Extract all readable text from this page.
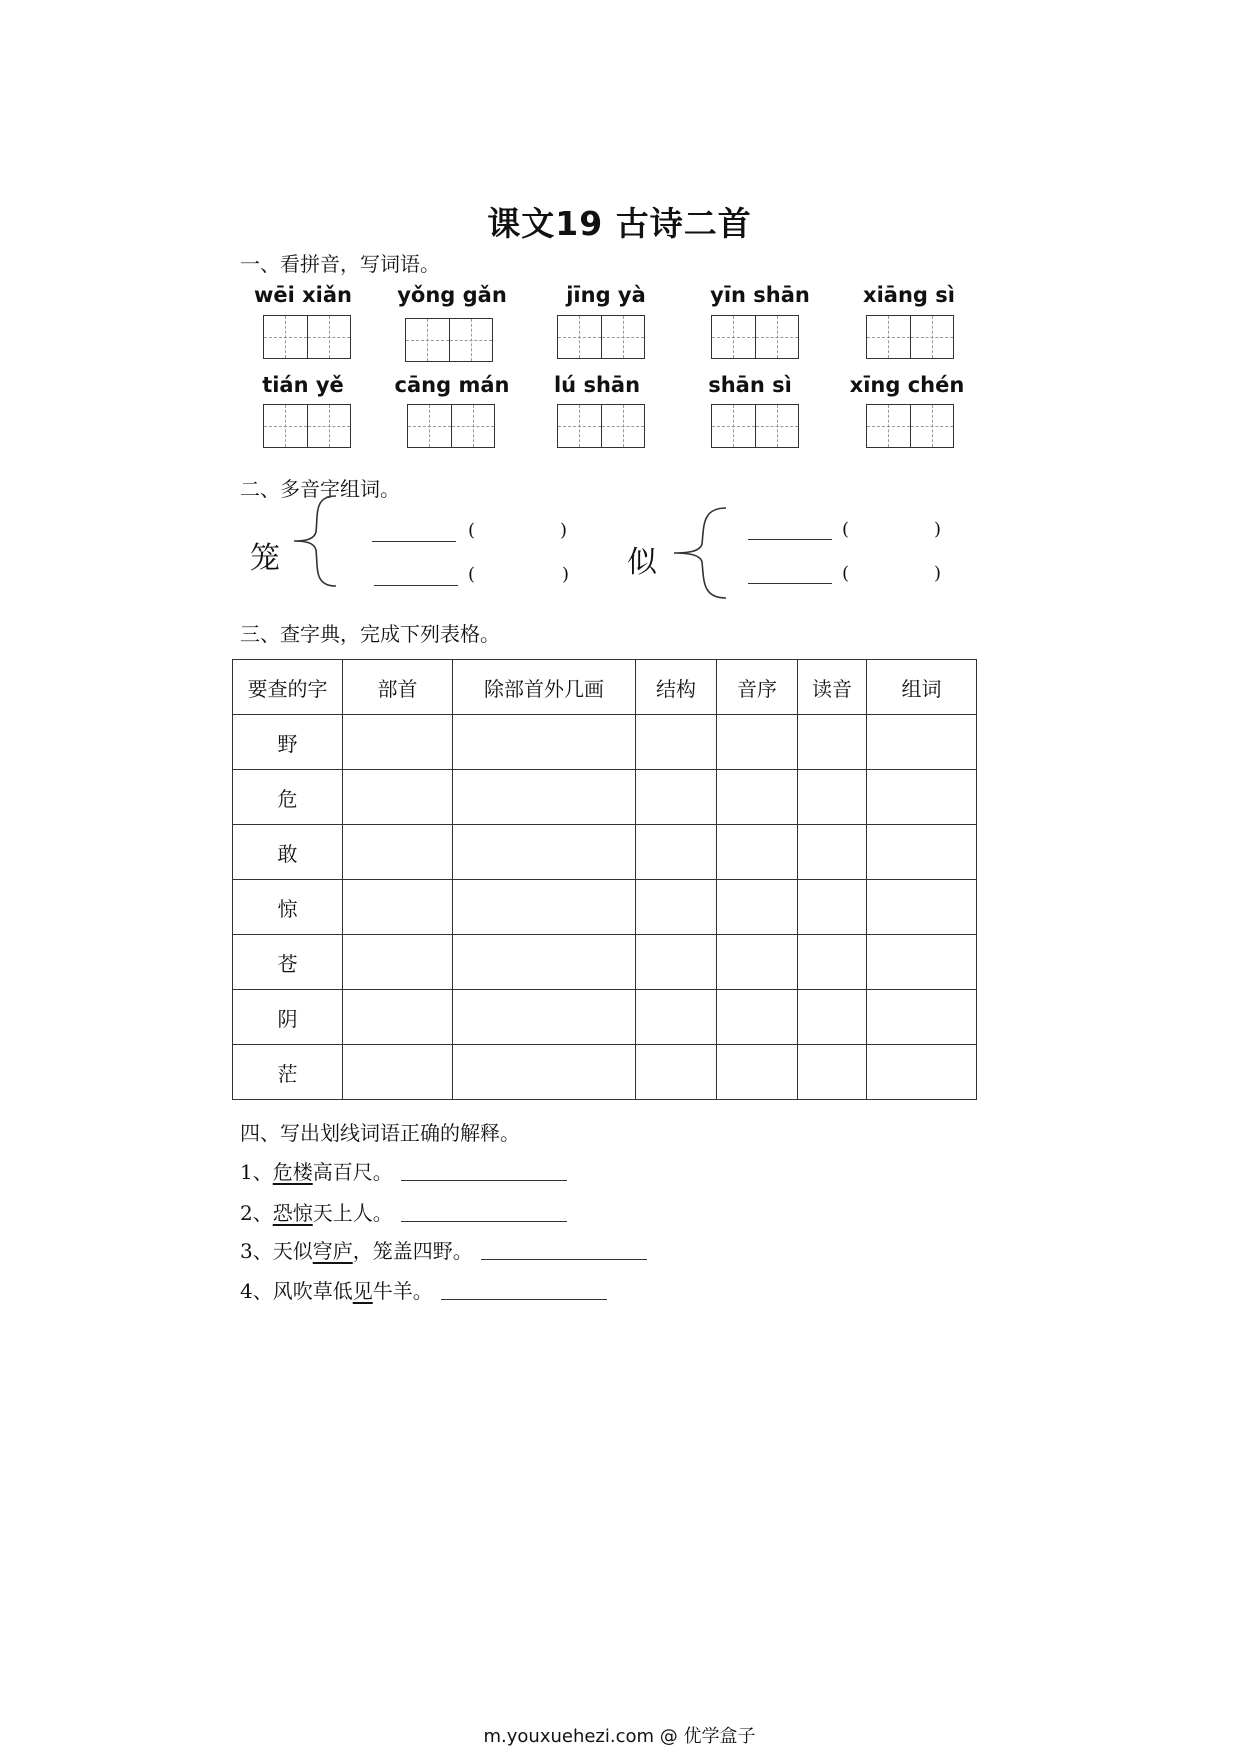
课文19 古诗二首
一、看拼音，写词语。
wēi xiǎn	yǒng gǎn	jīng yà	yīn shān	xiāng sì
tián yě	cāng mán	lú shān	shān sì	xīng chén
二、多音字组词。
笼
(	)
(	) 似
(	)
(	)
三、查字典，完成下列表格。
要查的字	部首	除部首外几画	结构	音序	读音	组词
野						
危						
敢						
惊						
苍						
阴						
茫						
四、写出划线词语正确的解释。
1、 危楼 高百尺。
2、 恐惊 天上人。
3、 天似 穹庐 ，笼盖四野。
4、 风吹草低 见 牛羊。
m.youxuehezi.com @ 优学盒子
